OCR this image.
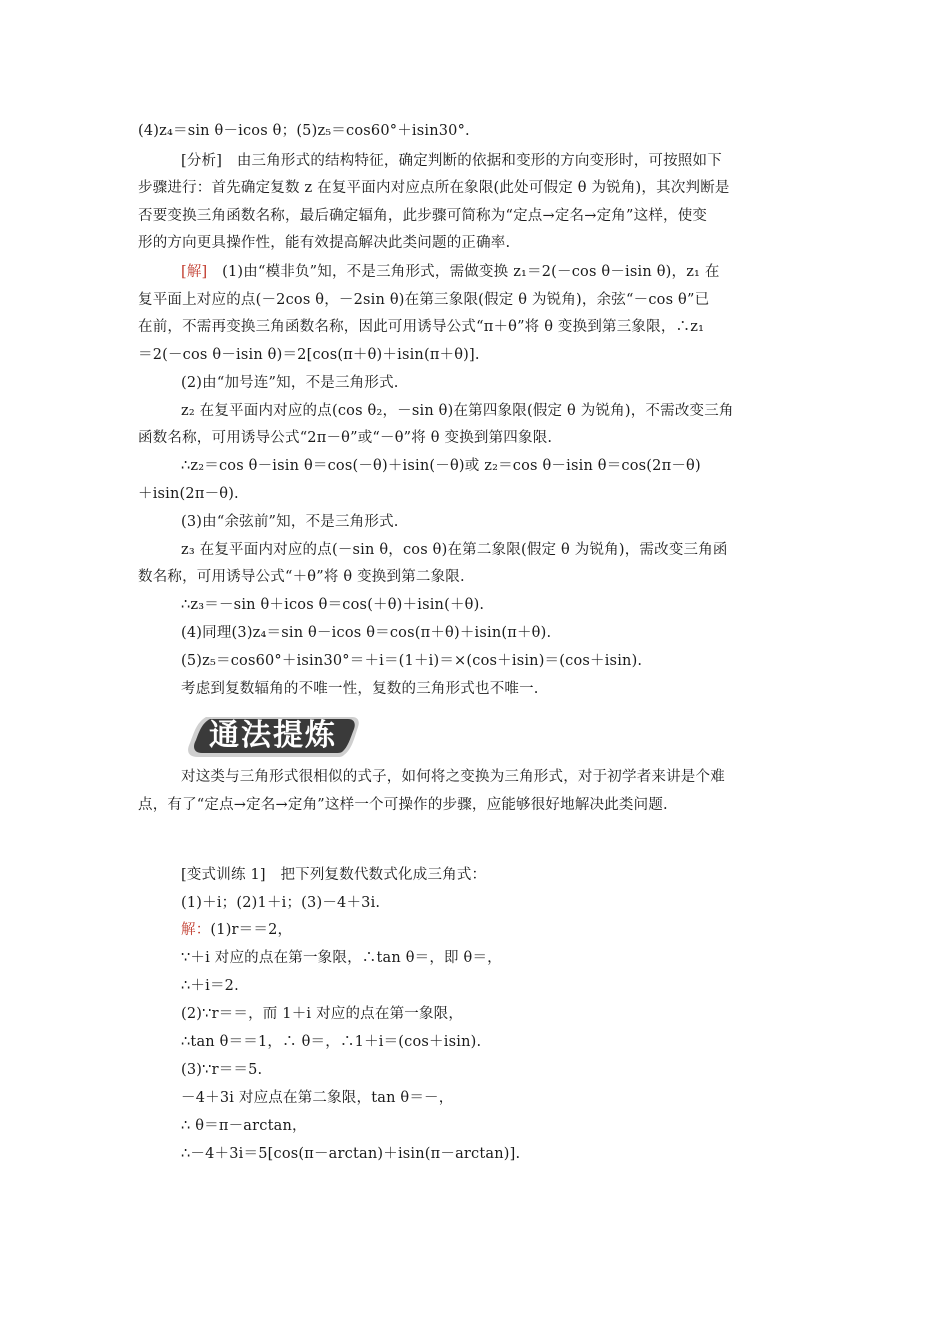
(4)z₄＝sin θ－icos θ；(5)z₅＝cos60°＋isin30°.
[分析]　由三角形式的结构特征，确定判断的依据和变形的方向变形时，可按照如下
步骤进行：首先确定复数 z 在复平面内对应点所在象限(此处可假定 θ 为锐角)，其次判断是
否要变换三角函数名称，最后确定辐角，此步骤可简称为“定点→定名→定角”这样，使变
形的方向更具操作性，能有效提高解决此类问题的正确率.
[解]　(1)由“模非负”知，不是三角形式，需做变换 z₁＝2(－cos θ－isin θ)，z₁ 在
复平面上对应的点(－2cos θ，－2sin θ)在第三象限(假定 θ 为锐角)，余弦“－cos θ”已
在前，不需再变换三角函数名称，因此可用诱导公式“π＋θ”将 θ 变换到第三象限，∴z₁
＝2(－cos θ－isin θ)＝2[cos(π＋θ)＋isin(π＋θ)].
(2)由“加号连”知，不是三角形式.
z₂ 在复平面内对应的点(cos θ₂，－sin θ)在第四象限(假定 θ 为锐角)，不需改变三角
函数名称，可用诱导公式“2π－θ”或“－θ”将 θ 变换到第四象限.
∴z₂＝cos θ－isin θ＝cos(－θ)＋isin(－θ)或 z₂＝cos θ－isin θ＝cos(2π－θ)
＋isin(2π－θ).
(3)由“余弦前”知，不是三角形式.
z₃ 在复平面内对应的点(－sin θ，cos θ)在第二象限(假定 θ 为锐角)，需改变三角函
数名称，可用诱导公式“＋θ”将 θ 变换到第二象限.
∴z₃＝－sin θ＋icos θ＝cos(＋θ)＋isin(＋θ).
(4)同理(3)z₄＝sin θ－icos θ＝cos(π＋θ)＋isin(π＋θ).
(5)z₅＝cos60°＋isin30°＝＋i＝(1＋i)＝×(cos＋isin)＝(cos＋isin).
考虑到复数辐角的不唯一性，复数的三角形式也不唯一.
通法提炼
对这类与三角形式很相似的式子，如何将之变换为三角形式，对于初学者来讲是个难
点，有了“定点→定名→定角”这样一个可操作的步骤，应能够很好地解决此类问题.
[变式训练 1]　把下列复数代数式化成三角式：
(1)＋i；(2)1＋i；(3)－4＋3i.
解：(1)r＝＝2，
∵＋i 对应的点在第一象限，∴tan θ＝，即 θ＝，
∴＋i＝2.
(2)∵r＝＝，而 1＋i 对应的点在第一象限，
∴tan θ＝＝1，∴ θ＝，∴1＋i＝(cos＋isin).
(3)∵r＝＝5.
－4＋3i 对应点在第二象限，tan θ＝－，
∴ θ＝π－arctan，
∴－4＋3i＝5[cos(π－arctan)＋isin(π－arctan)].
